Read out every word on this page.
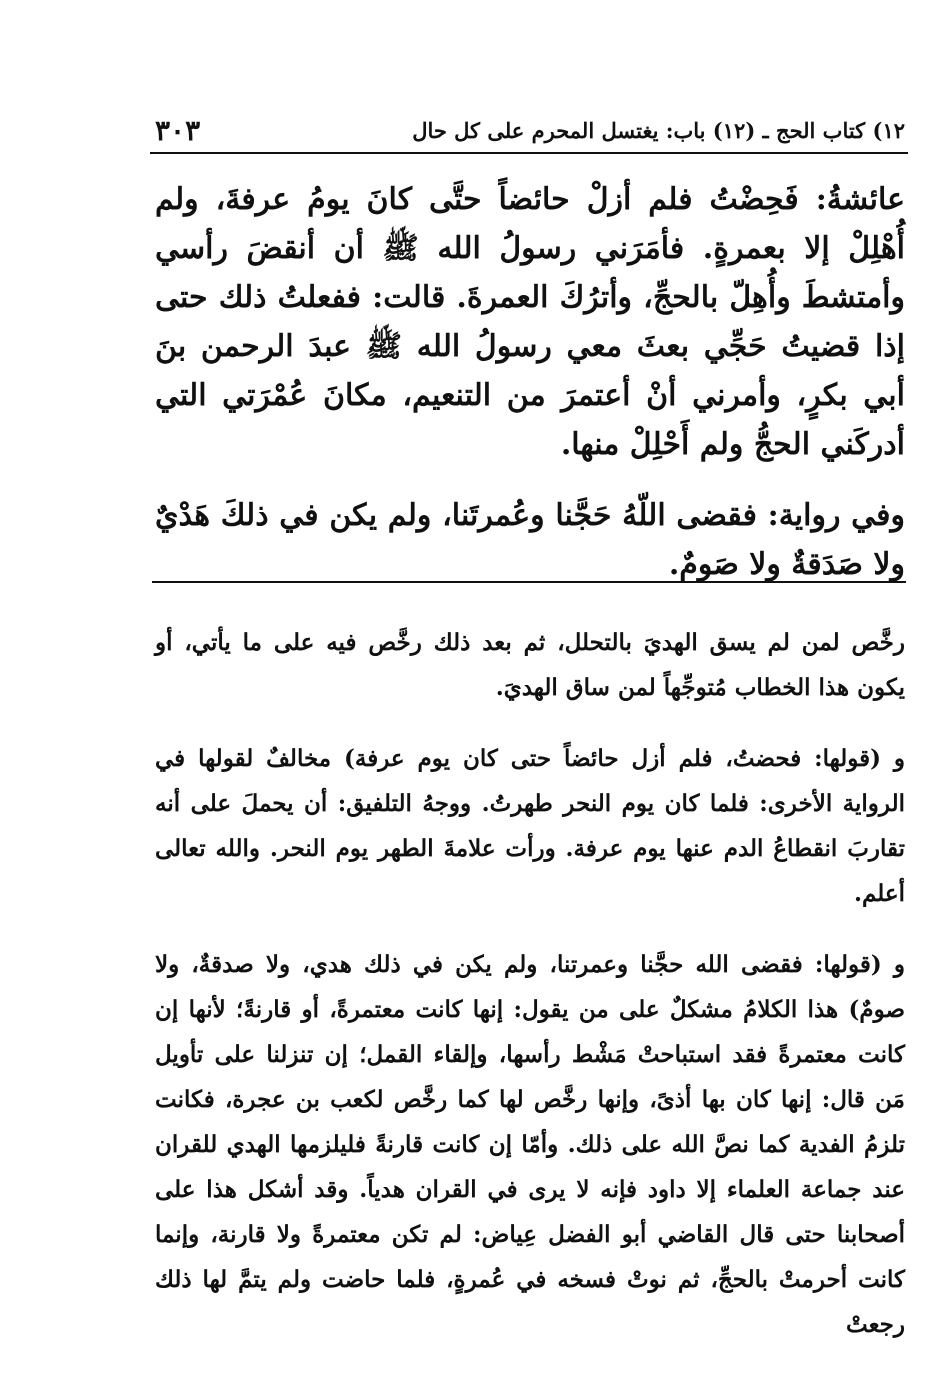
١٢) كتاب الحج ـ (١٢) باب: يغتسل المحرم على كل حال
٣٠٣

عائشةُ: فَحِضْتُ فلم أزلْ حائضاً حتَّى كانَ يومُ عرفةَ، ولم أُهْلِلْ إلا بعمرةٍ. فأمَرَني رسولُ الله ﷺ أن أنقضَ رأسي وأمتشطَ وأُهِلّ بالحجِّ، وأترُكَ العمرةَ. قالت: ففعلتُ ذلك حتى إذا قضيتُ حَجِّي بعثَ معي رسولُ الله ﷺ عبدَ الرحمن بنَ أبي بكرٍ، وأمرني أنْ أعتمرَ من التنعيم، مكانَ عُمْرَتي التي أدركَني الحجُّ ولم أَحْلِلْ منها.

وفي رواية: فقضى اللّهُ حَجَّنا وعُمرتَنا، ولم يكن في ذلكَ هَدْيٌ ولا صَدَقةٌ ولا صَومٌ.

رخَّص لمن لم يسق الهديَ بالتحلل، ثم بعد ذلك رخَّص فيه على ما يأتي، أو يكون هذا الخطاب مُتوجِّهاً لمن ساق الهديَ.

و (قولها: فحضتُ، فلم أزل حائضاً حتى كان يوم عرفة) مخالفٌ لقولها في الرواية الأخرى: فلما كان يوم النحر طهرتُ. ووجهُ التلفيق: أن يحملَ على أنه تقاربَ انقطاعُ الدم عنها يوم عرفة. ورأت علامةَ الطهر يوم النحر. والله تعالى أعلم.

و (قولها: فقضى الله حجَّنا وعمرتنا، ولم يكن في ذلك هدي، ولا صدقةٌ، ولا صومٌ) هذا الكلامُ مشكلٌ على من يقول: إنها كانت معتمرةً، أو قارنةً؛ لأنها إن كانت معتمرةً فقد استباحتْ مَشْط رأسها، وإلقاء القمل؛ إن تنزلنا على تأويل مَن قال: إنها كان بها أذىً، وإنها رخَّص لها كما رخَّص لكعب بن عجرة، فكانت تلزمُ الفدية كما نصَّ الله على ذلك. وأمّا إن كانت قارنةً فليلزمها الهدي للقران عند جماعة العلماء إلا داود فإنه لا يرى في القران هدياً. وقد أشكل هذا على أصحابنا حتى قال القاضي أبو الفضل عِياض: لم تكن معتمرةً ولا قارنة، وإنما كانت أحرمتْ بالحجِّ، ثم نوتْ فسخه في عُمرةٍ، فلما حاضت ولم يتمَّ لها ذلك رجعتْ
